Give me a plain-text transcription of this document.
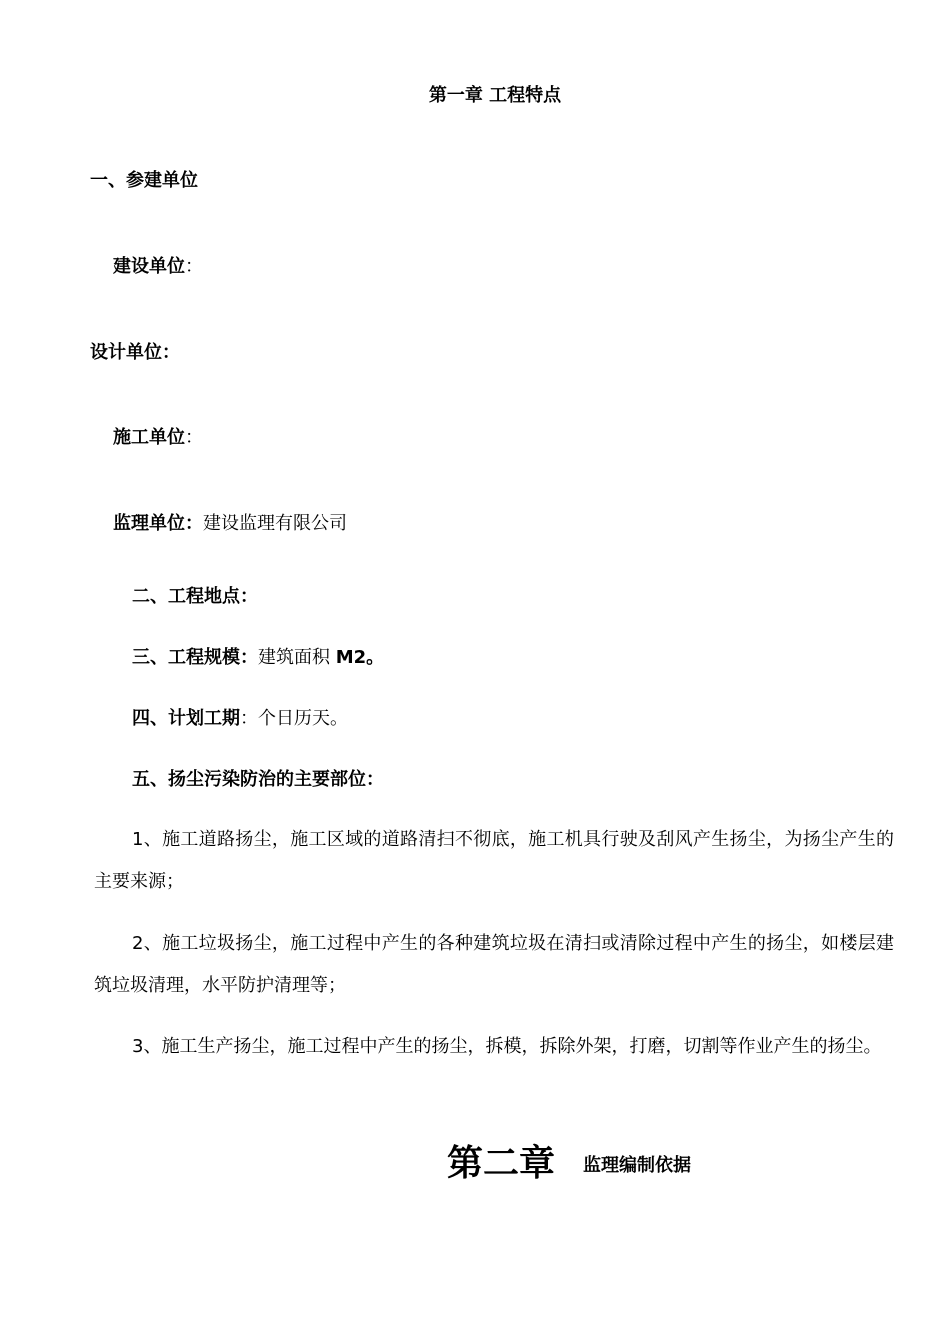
第一章 工程特点
一、参建单位
建设单位：
设计单位：
施工单位：
监理单位：建设监理有限公司
二、工程地点：
三、工程规模：建筑面积 M2。
四、计划工期：个日历天。
五、扬尘污染防治的主要部位：
1、施工道路扬尘，施工区域的道路清扫不彻底，施工机具行驶及刮风产生扬尘，为扬尘产生的主要来源；
2、施工垃圾扬尘，施工过程中产生的各种建筑垃圾在清扫或清除过程中产生的扬尘，如楼层建筑垃圾清理，水平防护清理等；
3、施工生产扬尘，施工过程中产生的扬尘，拆模，拆除外架，打磨，切割等作业产生的扬尘。
第二章 监理编制依据
